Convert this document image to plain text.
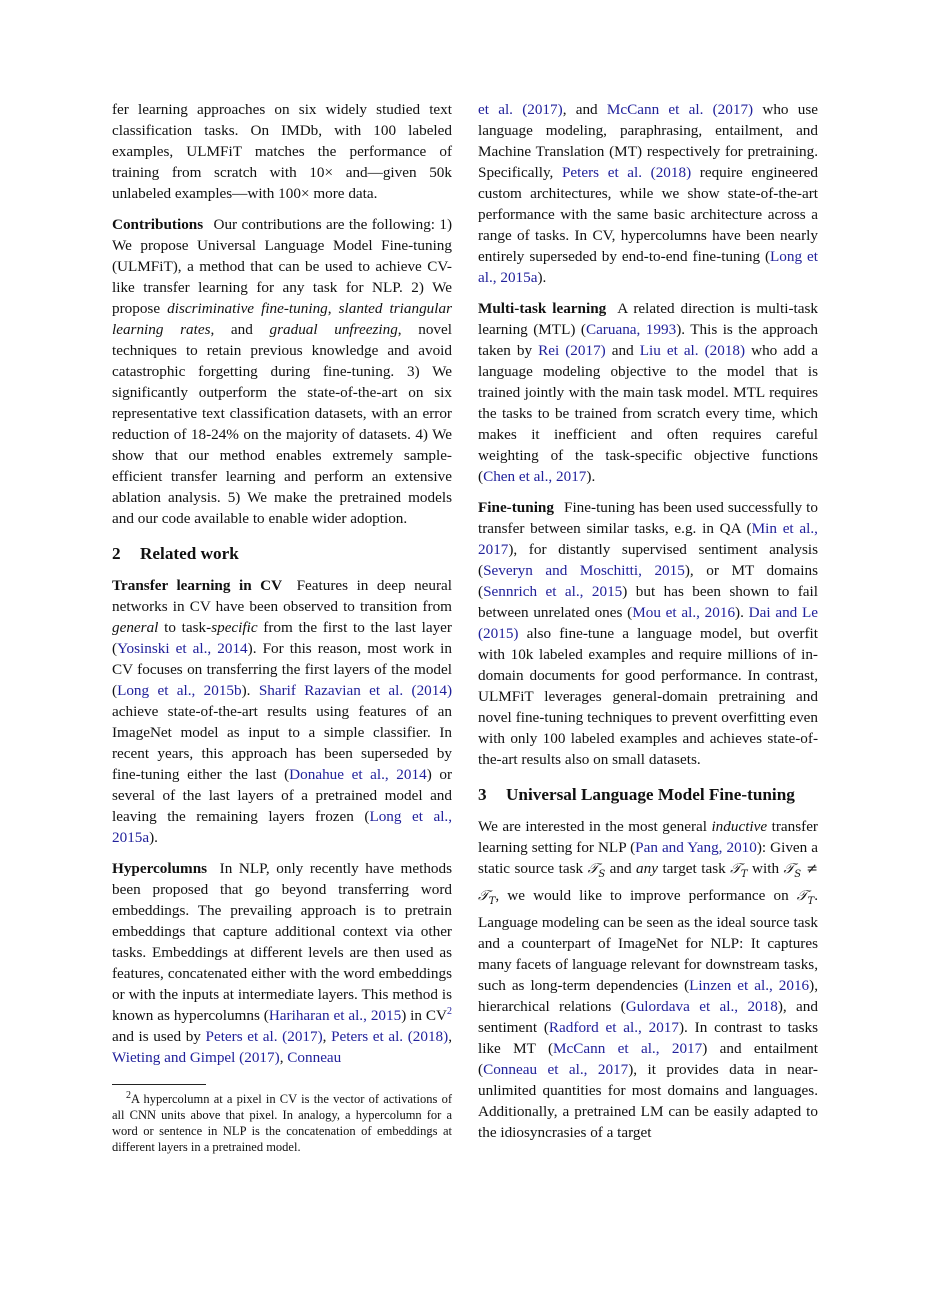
fer learning approaches on six widely studied text classification tasks. On IMDb, with 100 labeled examples, ULMFiT matches the performance of training from scratch with 10× and—given 50k unlabeled examples—with 100× more data.

Contributions Our contributions are the following: 1) We propose Universal Language Model Fine-tuning (ULMFiT), a method that can be used to achieve CV-like transfer learning for any task for NLP. 2) We propose discriminative fine-tuning, slanted triangular learning rates, and gradual unfreezing, novel techniques to retain previous knowledge and avoid catastrophic forgetting during fine-tuning. 3) We significantly outperform the state-of-the-art on six representative text classification datasets, with an error reduction of 18-24% on the majority of datasets. 4) We show that our method enables extremely sample-efficient transfer learning and perform an extensive ablation analysis. 5) We make the pretrained models and our code available to enable wider adoption.

2 Related work

Transfer learning in CV Features in deep neural networks in CV have been observed to transition from general to task-specific from the first to the last layer (Yosinski et al., 2014). For this reason, most work in CV focuses on transferring the first layers of the model (Long et al., 2015b). Sharif Razavian et al. (2014) achieve state-of-the-art results using features of an ImageNet model as input to a simple classifier. In recent years, this approach has been superseded by fine-tuning either the last (Donahue et al., 2014) or several of the last layers of a pretrained model and leaving the remaining layers frozen (Long et al., 2015a).

Hypercolumns In NLP, only recently have methods been proposed that go beyond transferring word embeddings. The prevailing approach is to pretrain embeddings that capture additional context via other tasks. Embeddings at different levels are then used as features, concatenated either with the word embeddings or with the inputs at intermediate layers. This method is known as hypercolumns (Hariharan et al., 2015) in $CV^2$ and is used by Peters et al. (2017), Peters et al. (2018), Wieting and Gimpel (2017), Conneau

$^2$A hypercolumn at a pixel in CV is the vector of activations of all CNN units above that pixel. In analogy, a hypercolumn for a word or sentence in NLP is the concatenation of embeddings at different layers in a pretrained model.

et al. (2017), and McCann et al. (2017) who use language modeling, paraphrasing, entailment, and Machine Translation (MT) respectively for pretraining. Specifically, Peters et al. (2018) require engineered custom architectures, while we show state-of-the-art performance with the same basic architecture across a range of tasks. In CV, hypercolumns have been nearly entirely superseded by end-to-end fine-tuning (Long et al., 2015a).

Multi-task learning A related direction is multi-task learning (MTL) (Caruana, 1993). This is the approach taken by Rei (2017) and Liu et al. (2018) who add a language modeling objective to the model that is trained jointly with the main task model. MTL requires the tasks to be trained from scratch every time, which makes it inefficient and often requires careful weighting of the task-specific objective functions (Chen et al., 2017).

Fine-tuning Fine-tuning has been used successfully to transfer between similar tasks, e.g. in QA (Min et al., 2017), for distantly supervised sentiment analysis (Severyn and Moschitti, 2015), or MT domains (Sennrich et al., 2015) but has been shown to fail between unrelated ones (Mou et al., 2016). Dai and Le (2015) also fine-tune a language model, but overfit with 10k labeled examples and require millions of in-domain documents for good performance. In contrast, ULMFiT leverages general-domain pretraining and novel fine-tuning techniques to prevent overfitting even with only 100 labeled examples and achieves state-of-the-art results also on small datasets.

3 Universal Language Model Fine-tuning

We are interested in the most general inductive transfer learning setting for NLP (Pan and Yang, 2010): Given a static source task 𝒯$_S$ and any target task 𝒯$_T$ with 𝒯$_S$ ≠ 𝒯$_T$, we would like to improve performance on 𝒯$_T$. Language modeling can be seen as the ideal source task and a counterpart of ImageNet for NLP: It captures many facets of language relevant for downstream tasks, such as long-term dependencies (Linzen et al., 2016), hierarchical relations (Gulordava et al., 2018), and sentiment (Radford et al., 2017). In contrast to tasks like MT (McCann et al., 2017) and entailment (Conneau et al., 2017), it provides data in near-unlimited quantities for most domains and languages. Additionally, a pretrained LM can be easily adapted to the idiosyncrasies of a target
